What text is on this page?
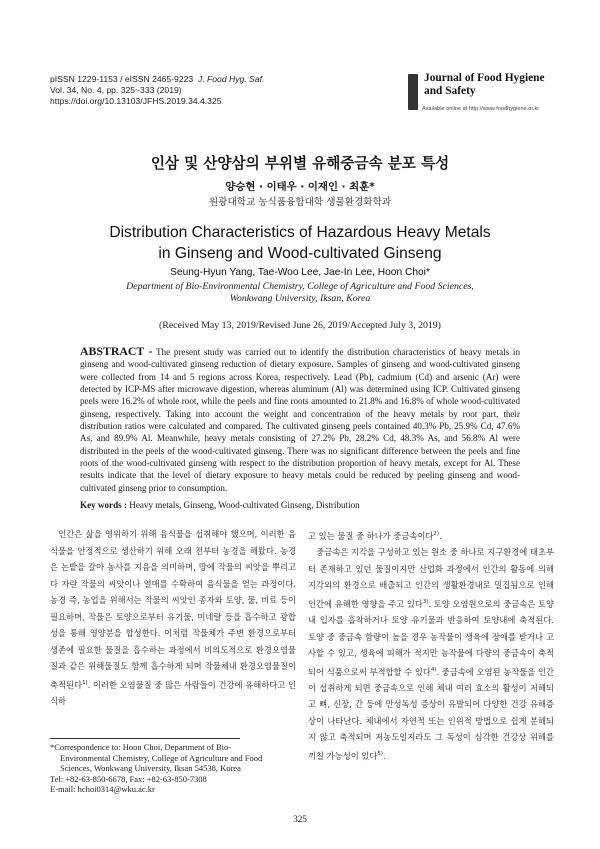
pISSN 1229-1153 / eISSN 2465-9223 J. Food Hyg. Saf.
Vol. 34, No. 4, pp. 325~333 (2019)
https://doi.org/10.13103/JFHS.2019.34.4.325
Journal of Food Hygiene
and Safety
Available online at http://www.foodhygiene.or.kr
인삼 및 산양삼의 부위별 유해중금속 분포 특성
양승현 · 이태우 · 이재인 · 최훈*
원광대학교 농식품융합대학 생물환경화학과
Distribution Characteristics of Hazardous Heavy Metals
in Ginseng and Wood-cultivated Ginseng
Seung-Hyun Yang, Tae-Woo Lee, Jae-In Lee, Hoon Choi*
Department of Bio-Environmental Chemistry, College of Agriculture and Food Sciences,
Wonkwang University, Iksan, Korea
(Received May 13, 2019/Revised June 26, 2019/Accepted July 3, 2019)
ABSTRACT - The present study was carried out to identify the distribution characteristics of heavy metals in ginseng and wood-cultivated ginseng reduction of dietary exposure. Samples of ginseng and wood-cultivated ginseng were collected from 14 and 5 regions across Korea, respectively. Lead (Pb), cadmium (Cd) and arsenic (Ar) were detected by ICP-MS after microwave digestion, whereas aluminum (Al) was determined using ICP. Cultivated ginseng peels were 16.2% of whole root, while the peels and fine roots amounted to 21.8% and 16.8% of whole wood-cultivated ginseng, respectively. Taking into account the weight and concentration of the heavy metals by root part, their distribution ratios were calculated and compared. The cultivated ginseng peels contained 40.3% Pb, 25.9% Cd, 47.6% As, and 89.9% Al. Meanwhile, heavy metals consisting of 27.2% Pb, 28.2% Cd, 48.3% As, and 56.8% Al were distributed in the peels of the wood-cultivated ginseng. There was no significant difference between the peels and fine roots of the wood-cultivated ginseng with respect to the distribution proportion of heavy metals, except for Al. These results indicate that the level of dietary exposure to heavy metals could be reduced by peeling ginseng and wood-cultivated ginseng prior to consumption.
Key words : Heavy metals, Ginseng, Wood-cultivated Ginseng, Distribution
인간은 삶을 영위하기 위해 음식물을 섭취해야 했으며, 이러한 음식물을 안정적으로 생산하기 위해 오래 전부터 농경을 해왔다. 농경은 논밭을 갈아 농사를 지음을 의미하며, 땅에 작물의 씨앗을 뿌리고 다 자란 작물의 씨앗이나 열매를 수확하여 음식물을 얻는 과정이다. 농경 즉, 농업을 위해서는 작물의 씨앗인 종자와 토양, 물, 비료 등이 필요하며, 작물은 토양으로부터 유기물, 미네랄 등을 흡수하고 광합성을 통해 영양분을 합성한다. 이처럼 작물체가 주변 환경으로부터 생존에 필요한 물질을 흡수하는 과정에서 비의도적으로 환경오염물질과 같은 위해물질도 함께 흡수하게 되며 작물체내 환경오염물질이 축적된다$^{1)}$. 이러한 오염물질 중 많은 사람들이 건강에 유해하다고 인식하
고 있는 물질 중 하나가 중금속이다$^{2)}$.
중금속은 지각을 구성하고 있는 원소 중 하나로 지구환경에 태초부터 존재하고 있던 물질이지만 산업화 과정에서 인간의 활동에 의해 지각외의 환경으로 배출되고 인간의 생활환경내로 밀집됨으로 인해 인간에 유해한 영향을 주고 있다$^{3)}$. 토양 오염원으로의 중금속은 토양 내 입자를 흡착하거나 토양 유기물과 반응하여 토양내에 축적된다. 토양 중 중금속 함량이 높을 경우 농작물이 생육에 장애를 받거나 고사할 수 있고, 생육에 피해가 적지만 농작물에 다량의 중금속이 축적되어 식품으로써 부적합할 수 있다$^{4)}$. 중금속에 오염된 농작물을 인간이 섭취하게 되면 중금속으로 인해 체내 여러 효소의 활성이 저해되고 뼈, 신장, 간 등에 만성독성 증상이 유발되어 다양한 건강 유해증상이 나타난다. 체내에서 자연적 또는 인위적 방법으로 쉽게 분해되지 않고 축적되며 저농도일지라도 그 독성이 심각한 건강상 위해를 끼칠 가능성이 있다$^{5)}$.
*Correspondence to: Hoon Choi, Department of Bio-
Environmental Chemistry, College of Agriculture and Food
Sciences, Wonkwang University, Iksan 54538, Korea
Tel: +82-63-850-6678, Fax: +82-63-850-7308
E-mail: hchoi0314@wku.ac.kr
325
